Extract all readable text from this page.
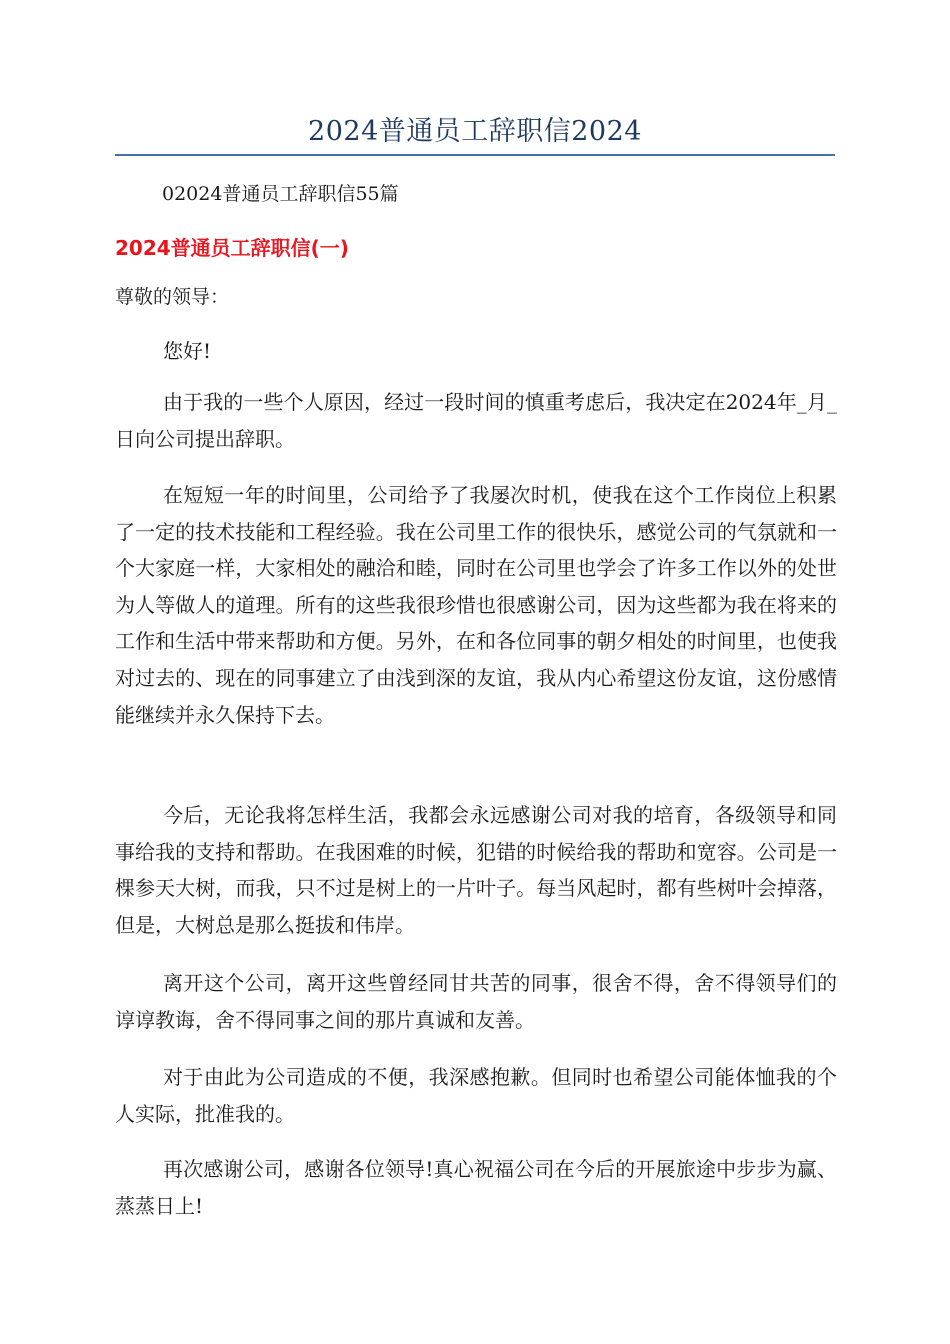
2024普通员工辞职信2024
02024普通员工辞职信55篇
2024普通员工辞职信(一)
尊敬的领导：

您好!

由于我的一些个人原因，经过一段时间的慎重考虑后，我决定在2024年_月_日向公司提出辞职。

在短短一年的时间里，公司给予了我屡次时机，使我在这个工作岗位上积累了一定的技术技能和工程经验。我在公司里工作的很快乐，感觉公司的气氛就和一个大家庭一样，大家相处的融洽和睦，同时在公司里也学会了许多工作以外的处世为人等做人的道理。所有的这些我很珍惜也很感谢公司，因为这些都为我在将来的工作和生活中带来帮助和方便。另外，在和各位同事的朝夕相处的时间里，也使我对过去的、现在的同事建立了由浅到深的友谊，我从内心希望这份友谊，这份感情能继续并永久保持下去。

今后，无论我将怎样生活，我都会永远感谢公司对我的培育，各级领导和同事给我的支持和帮助。在我困难的时候，犯错的时候给我的帮助和宽容。公司是一棵参天大树，而我，只不过是树上的一片叶子。每当风起时，都有些树叶会掉落，但是，大树总是那么挺拔和伟岸。

离开这个公司，离开这些曾经同甘共苦的同事，很舍不得，舍不得领导们的谆谆教诲，舍不得同事之间的那片真诚和友善。

对于由此为公司造成的不便，我深感抱歉。但同时也希望公司能体恤我的个人实际，批准我的。

再次感谢公司，感谢各位领导!真心祝福公司在今后的开展旅途中步步为赢、蒸蒸日上!
